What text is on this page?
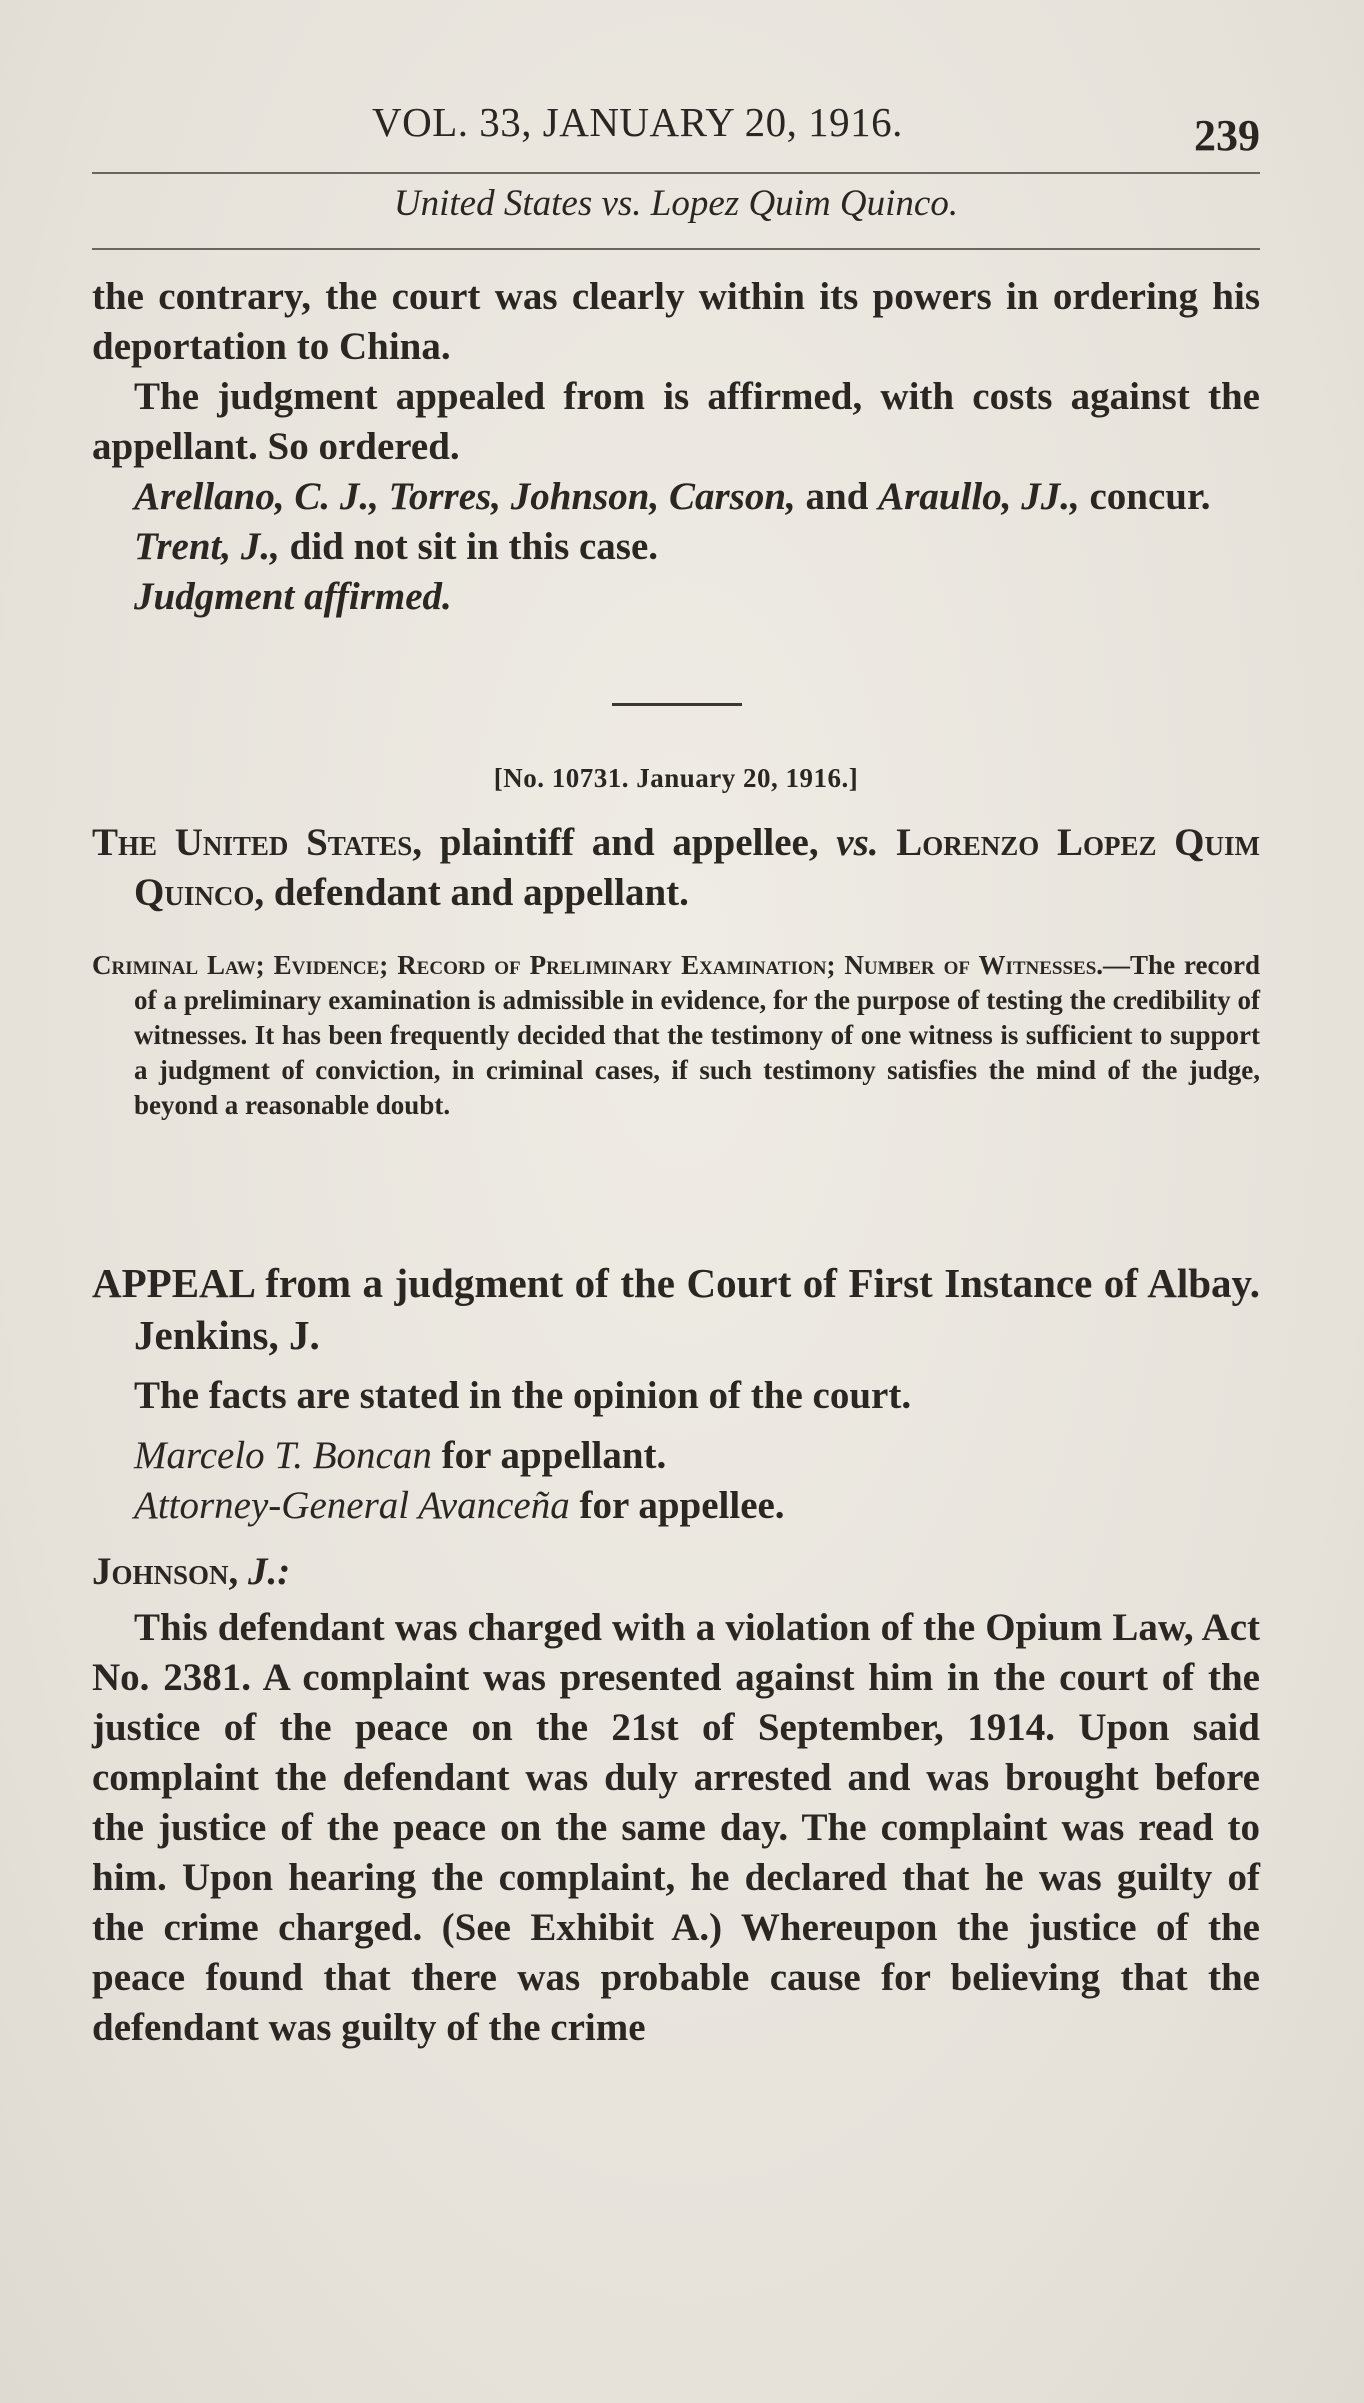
VOL. 33, JANUARY 20, 1916.	239
United States vs. Lopez Quim Quinco.

the contrary, the court was clearly within its powers in ordering his deportation to China.

The judgment appealed from is affirmed, with costs against the appellant. So ordered.

Arellano, C. J., Torres, Johnson, Carson, and Araullo, JJ., concur.

Trent, J., did not sit in this case.

Judgment affirmed.

[No. 10731. January 20, 1916.]
The United States, plaintiff and appellee, vs. Lorenzo Lopez Quim Quinco, defendant and appellant.
Criminal Law; Evidence; Record of Preliminary Examination; Number of Witnesses.—The record of a preliminary examination is admissible in evidence, for the purpose of testing the credibility of witnesses. It has been frequently decided that the testimony of one witness is sufficient to support a judgment of conviction, in criminal cases, if such testimony satisfies the mind of the judge, beyond a reasonable doubt.

APPEAL from a judgment of the Court of First Instance of Albay. Jenkins, J.

The facts are stated in the opinion of the court.

Marcelo T. Boncan for appellant.

Attorney-General Avanceña for appellee.

Johnson, J.:

This defendant was charged with a violation of the Opium Law, Act No. 2381. A complaint was presented against him in the court of the justice of the peace on the 21st of September, 1914. Upon said complaint the defendant was duly arrested and was brought before the justice of the peace on the same day. The complaint was read to him. Upon hearing the complaint, he declared that he was guilty of the crime charged. (See Exhibit A.) Whereupon the justice of the peace found that there was probable cause for believing that the defendant was guilty of the crime
